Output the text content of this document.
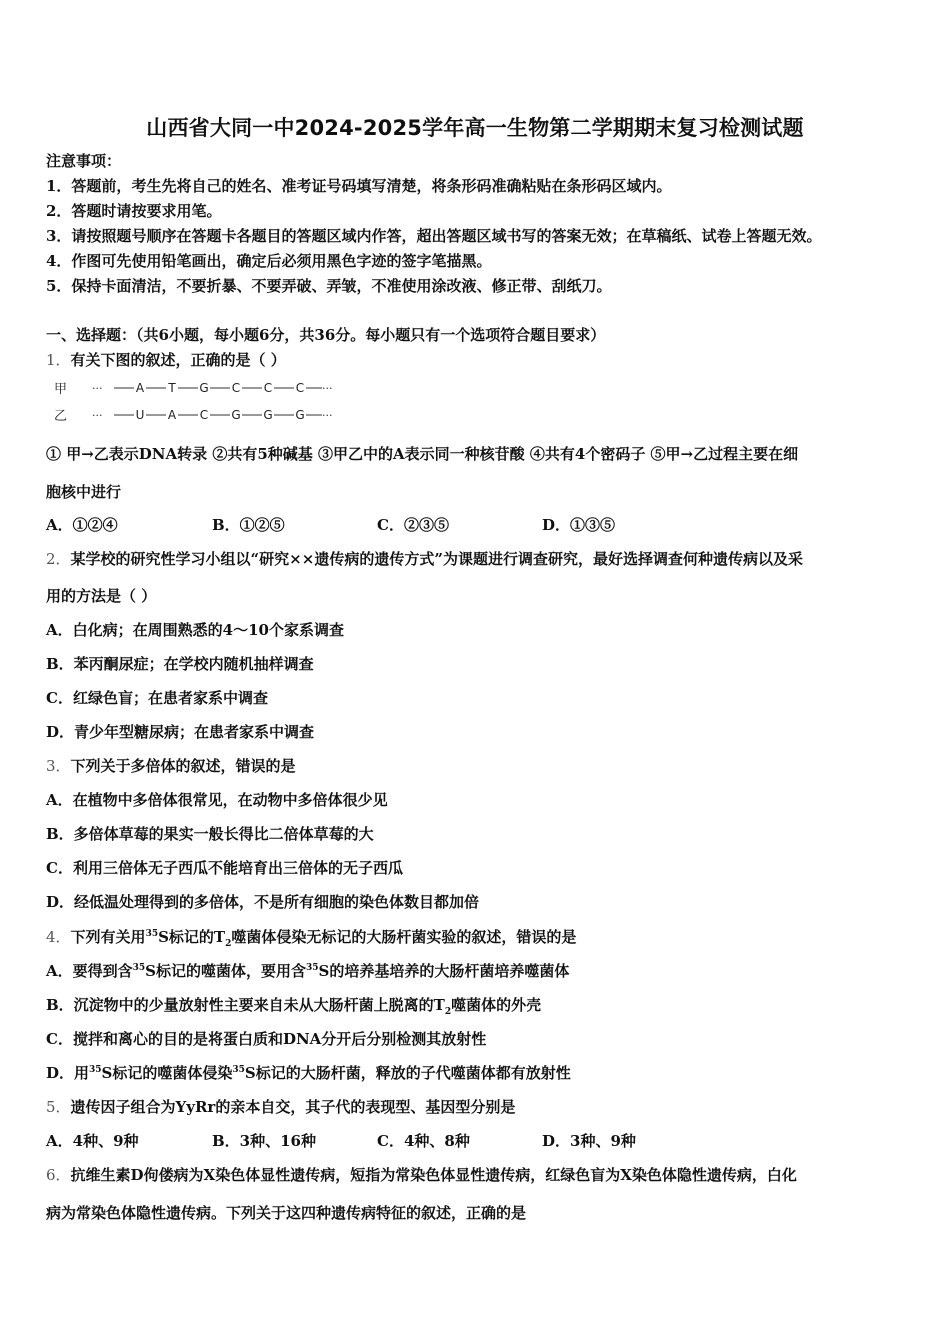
山西省大同一中2024-2025学年高一生物第二学期期末复习检测试题
注意事项：
1．答题前，考生先将自己的姓名、准考证号码填写清楚，将条形码准确粘贴在条形码区域内。
2．答题时请按要求用笔。
3．请按照题号顺序在答题卡各题目的答题区域内作答，超出答题区域书写的答案无效；在草稿纸、试卷上答题无效。
4．作图可先使用铅笔画出，确定后必须用黑色字迹的签字笔描黑。
5．保持卡面清洁，不要折暴、不要弄破、弄皱，不准使用涂改液、修正带、刮纸刀。
一、选择题：（共6小题，每小题6分，共36分。每小题只有一个选项符合题目要求）
1．有关下图的叙述，正确的是（ ）
甲
乙
···
···
···
···
A T G C C C
U A C G G G
① 甲→乙表示DNA转录 ②共有5种碱基 ③甲乙中的A表示同一种核苷酸 ④共有4个密码子 ⑤甲→乙过程主要在细
胞核中进行
A．①②④	B．①②⑤	C．②③⑤	D．①③⑤
2．某学校的研究性学习小组以“研究××遗传病的遗传方式”为课题进行调查研究，最好选择调查何种遗传病以及采
用的方法是（ ）
A．白化病；在周围熟悉的4～10个家系调查
B．苯丙酮尿症；在学校内随机抽样调查
C．红绿色盲；在患者家系中调查
D．青少年型糖尿病；在患者家系中调查
3．下列关于多倍体的叙述，错误的是
A．在植物中多倍体很常见，在动物中多倍体很少见
B．多倍体草莓的果实一般长得比二倍体草莓的大
C．利用三倍体无子西瓜不能培育出三倍体的无子西瓜
D．经低温处理得到的多倍体，不是所有细胞的染色体数目都加倍
4．下列有关用$^{35}$S标记的$T_2$噬菌体侵染无标记的大肠杆菌实验的叙述，错误的是
A．要得到含$^{35}$S标记的噬菌体，要用含$^{35}$S的培养基培养的大肠杆菌培养噬菌体
B．沉淀物中的少量放射性主要来自未从大肠杆菌上脱离的$T_2$噬菌体的外壳
C．搅拌和离心的目的是将蛋白质和DNA分开后分别检测其放射性
D．用$^{35}$S标记的噬菌体侵染$^{35}$S标记的大肠杆菌，释放的子代噬菌体都有放射性
5．遗传因子组合为YyRr的亲本自交，其子代的表现型、基因型分别是
A．4种、9种	B．3种、16种	C．4种、8种	D．3种、9种
6．抗维生素D佝偻病为X染色体显性遗传病，短指为常染色体显性遗传病，红绿色盲为X染色体隐性遗传病，白化
病为常染色体隐性遗传病。下列关于这四种遗传病特征的叙述，正确的是
